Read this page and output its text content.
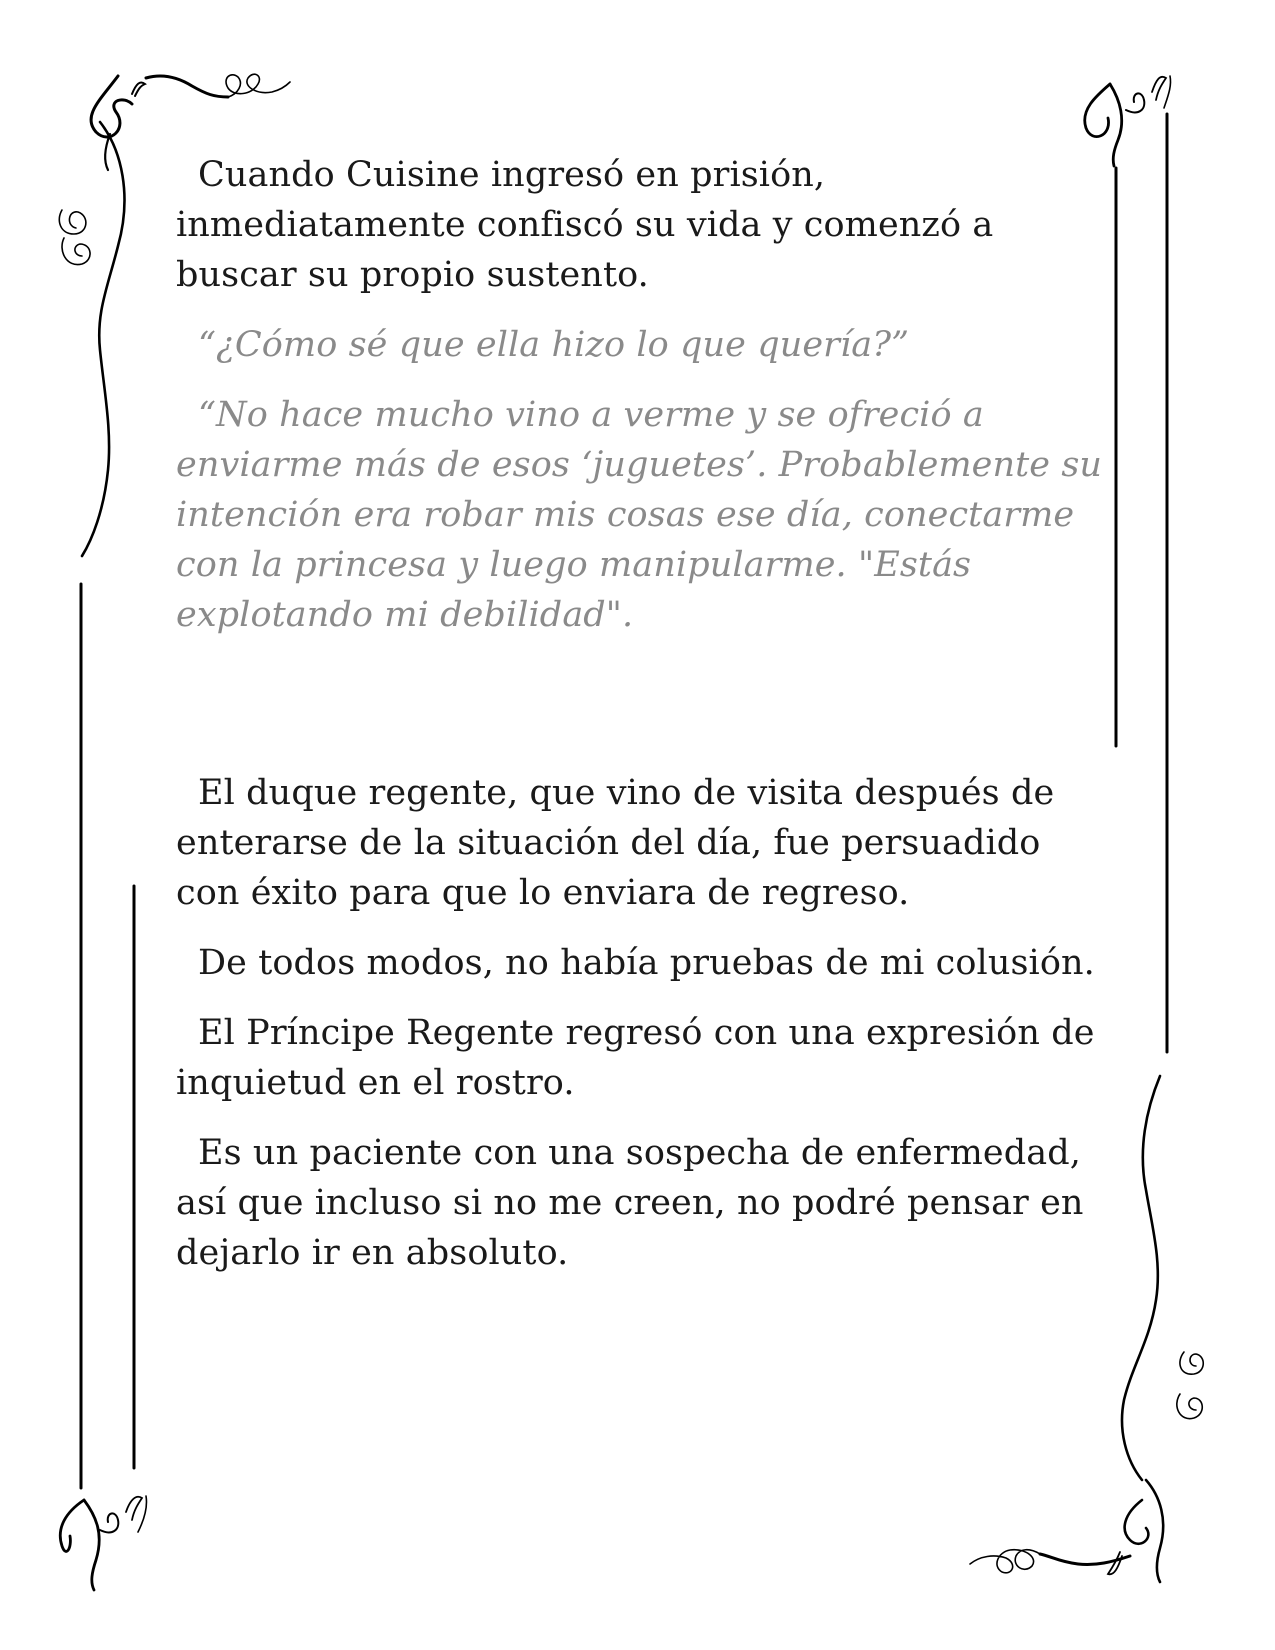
Cuando Cuisine ingresó en prisión, inmediatamente confiscó su vida y comenzó a buscar su propio sustento.

“¿Cómo sé que ella hizo lo que quería?”

“No hace mucho vino a verme y se ofreció a enviarme más de esos ‘juguetes’. Probablemente su intención era robar mis cosas ese día, conectarme con la princesa y luego manipularme. "Estás explotando mi debilidad".

El duque regente, que vino de visita después de enterarse de la situación del día, fue persuadido con éxito para que lo enviara de regreso.

De todos modos, no había pruebas de mi colusión.

El Príncipe Regente regresó con una expresión de inquietud en el rostro.

Es un paciente con una sospecha de enfermedad, así que incluso si no me creen, no podré pensar en dejarlo ir en absoluto.
